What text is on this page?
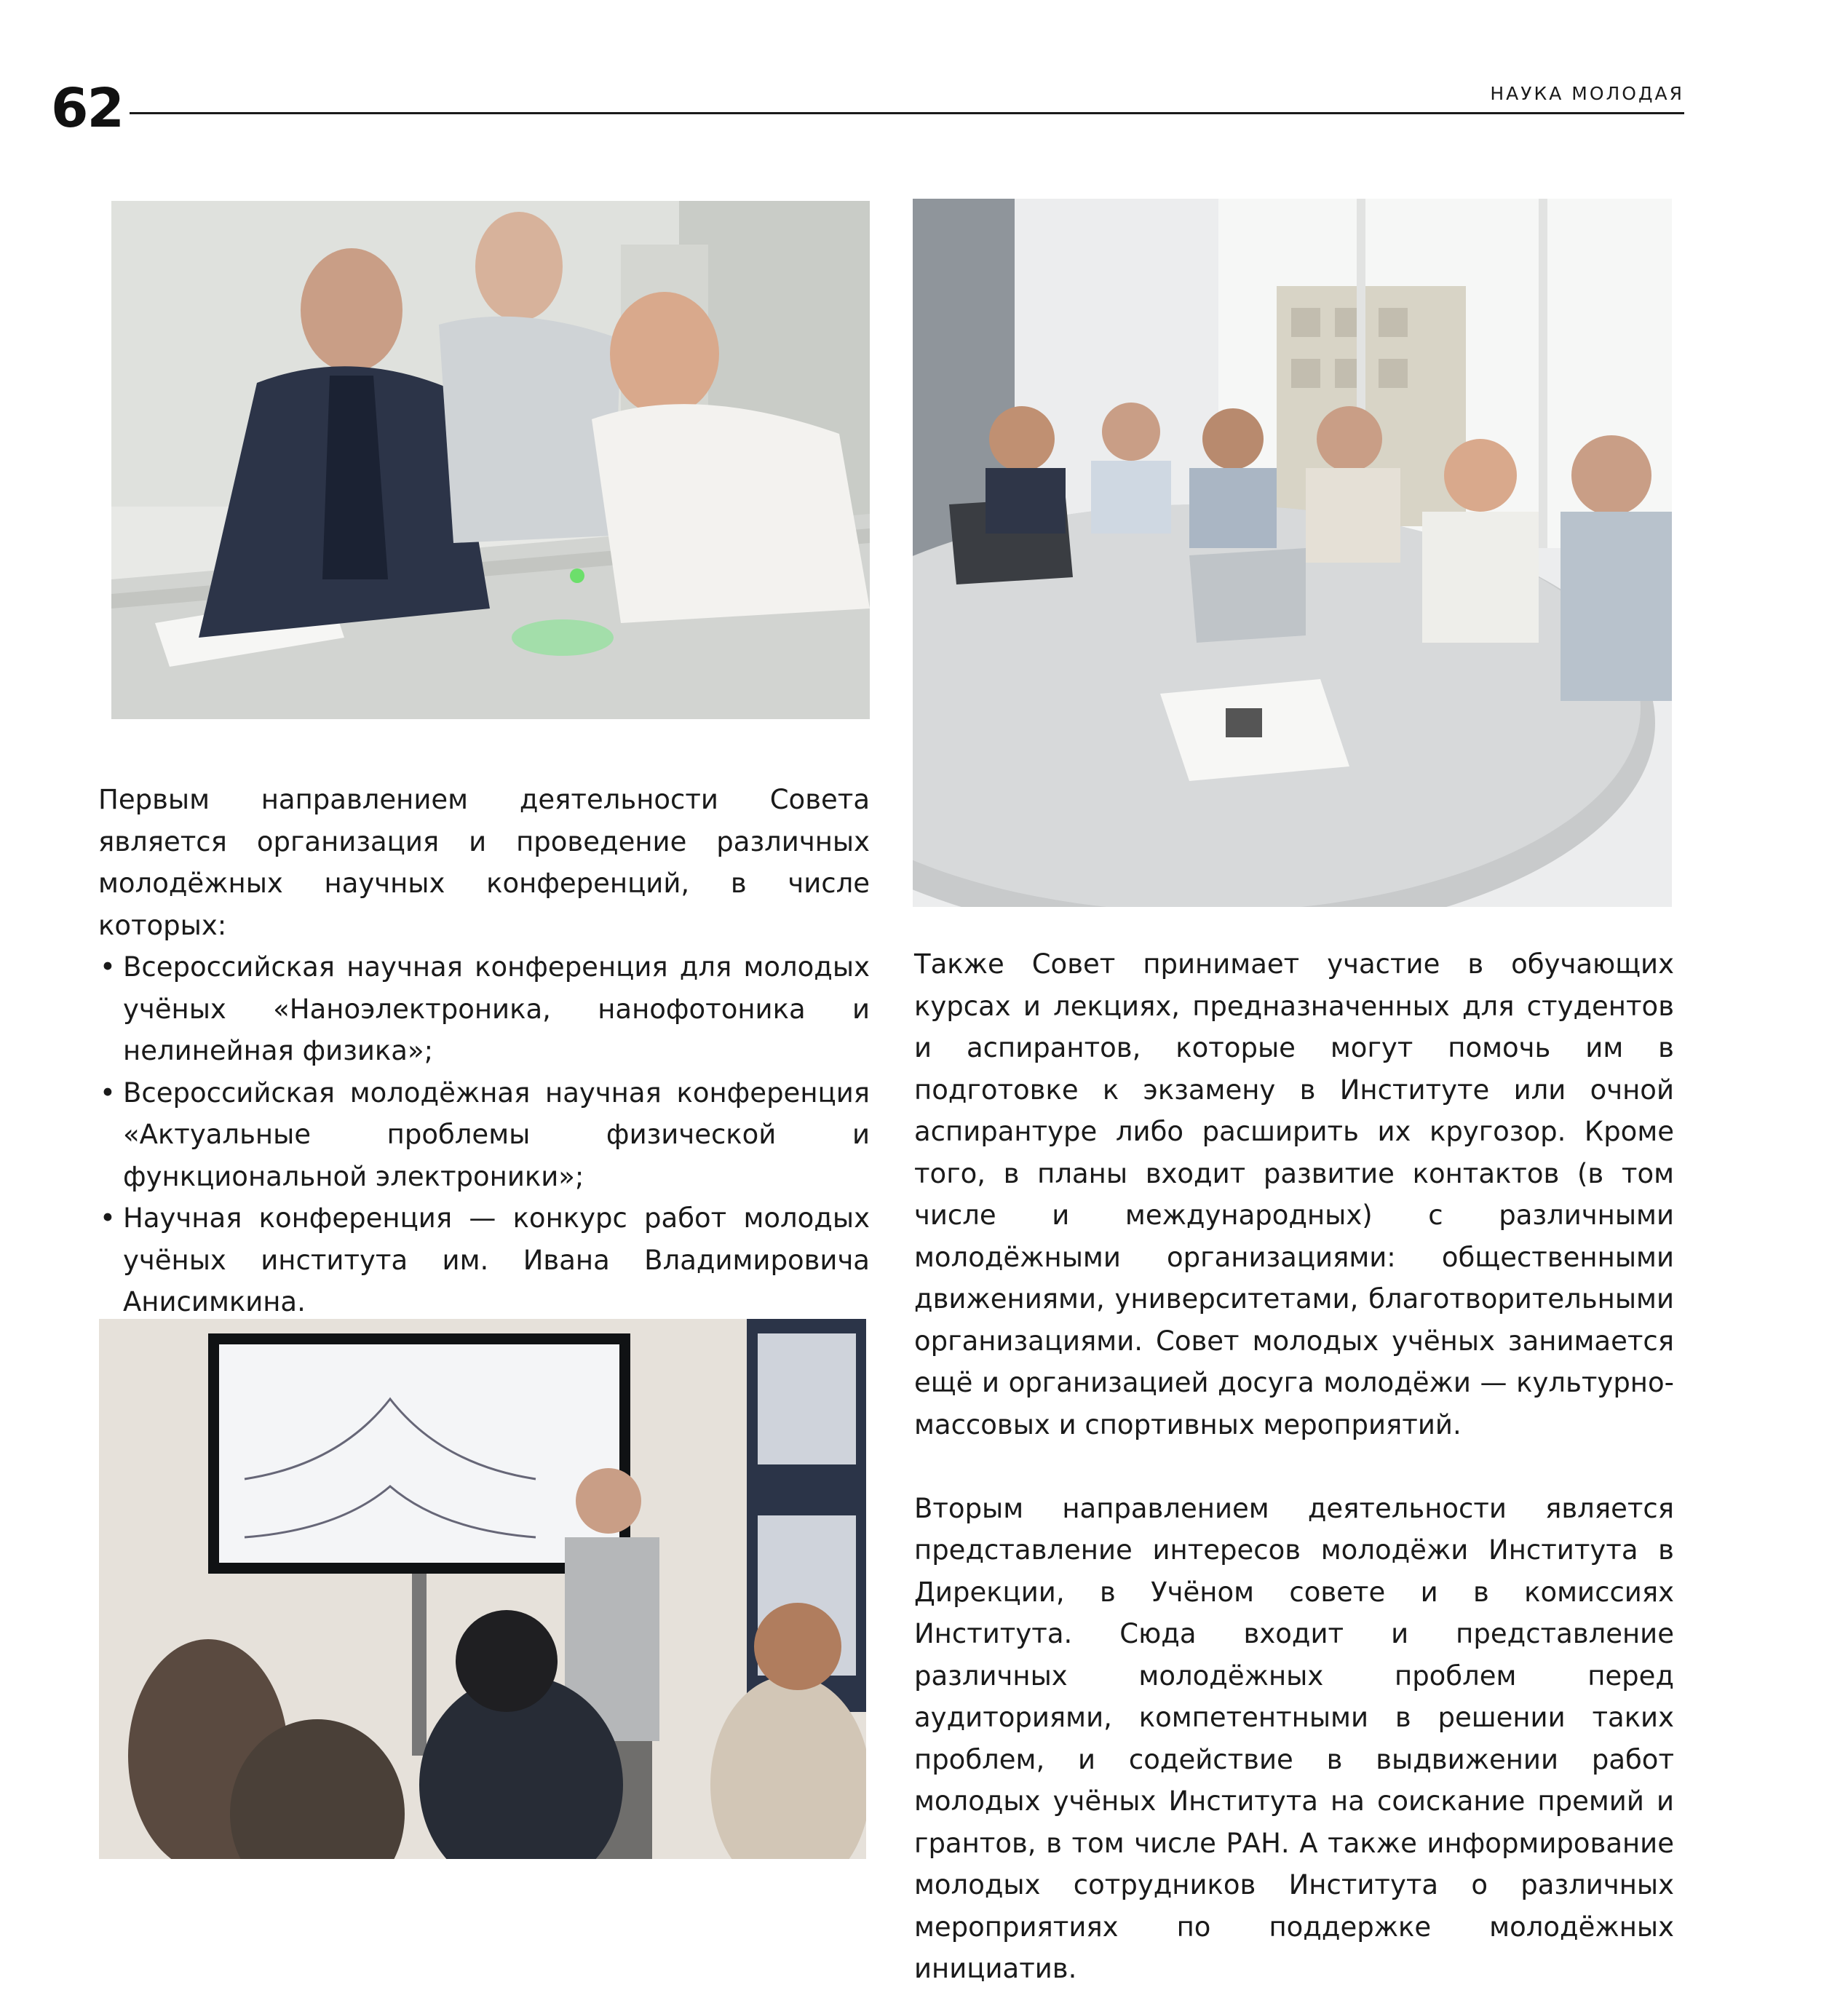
62	НАУКА МОЛОДАЯ

Первым направлением деятельности Совета является организация и проведение различных молодёжных научных конференций, в числе которых:

• Всероссийская научная конференция для молодых учёных «Наноэлектроника, нанофотоника и нелинейная физика»;
• Всероссийская молодёжная научная конференция «Актуальные проблемы физической и функциональной электроники»;
• Научная конференция — конкурс работ молодых учёных института им. Ивана Владимировича Анисимкина.

Также Совет принимает участие в обучающих курсах и лекциях, предназначенных для студентов и аспирантов, которые могут помочь им в подготовке к экзамену в Институте или очной аспирантуре либо расширить их кругозор. Кроме того, в планы входит развитие контактов (в том числе и международных) с различными молодёжными организациями: общественными движениями, университетами, благотворительными организациями. Совет молодых учёных занимается ещё и организацией досуга молодёжи — культурно-массовых и спортивных мероприятий.

Вторым направлением деятельности является представление интересов молодёжи Института в Дирекции, в Учёном совете и в комиссиях Института. Сюда входит и представление различных молодёжных проблем перед аудиториями, компетентными в решении таких проблем, и содействие в выдвижении работ молодых учёных Института на соискание премий и грантов, в том числе РАН. А также информирование молодых сотрудников Института о различных мероприятиях по поддержке молодёжных инициатив.
